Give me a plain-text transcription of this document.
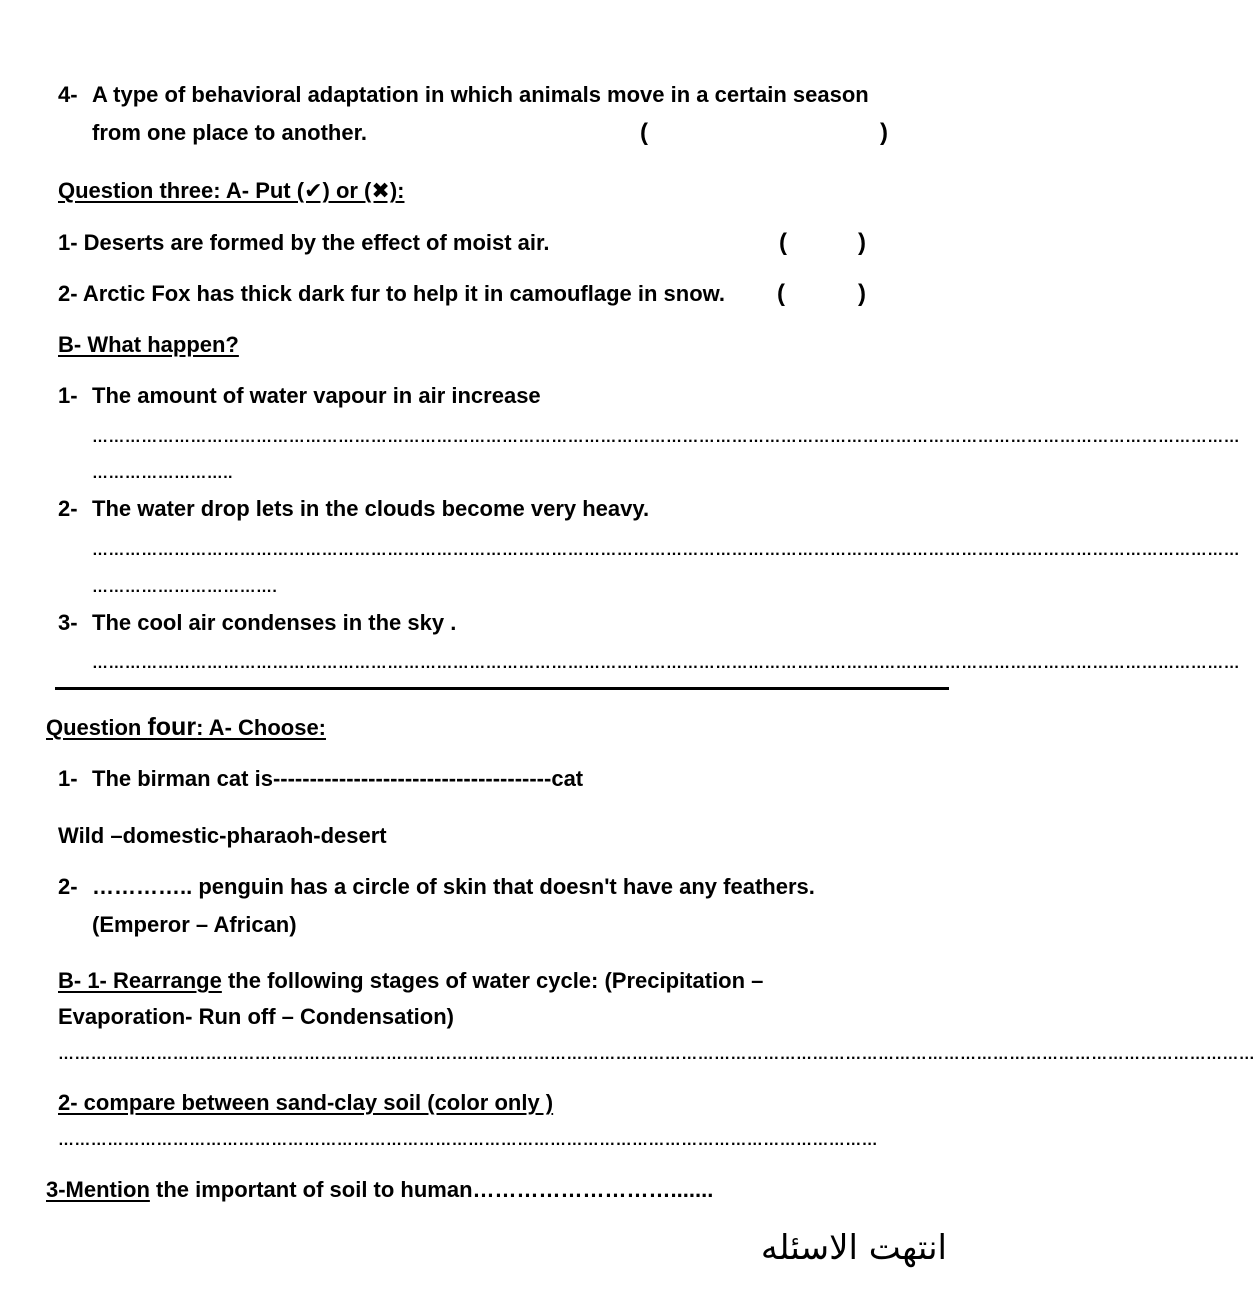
4- A type of behavioral adaptation in which animals move in a certain season
from one place to another.	(	)
Question three: A- Put (✔) or (✖):
1- Deserts are formed by the effect of moist air.	(	)
2- Arctic Fox has thick dark fur to help it in camouflage in snow. (	)
B- What happen?
1- The amount of water vapour in air increase
…………………………………………………………………………………………………………………………………………………………………………………………
……………………..
2- The water drop lets in the clouds become very heavy.
…………………………………………………………………………………………………………………………………………………………………………………………
…………………………….
3- The cool air condenses in the sky .
…………………………………………………………………………………………………………………………………………………………………………………………
Question four: A- Choose:
1- The birman cat is--------------------------------------cat
Wild –domestic-pharaoh-desert
2- ………….. penguin has a circle of skin that doesn't have any feathers.
(Emperor – African)
B- 1- Rearrange the following stages of water cycle: (Precipitation –
Evaporation- Run off – Condensation)
…………………………………………………………………………………………………………………………………………………………………………………………………
2- compare between sand-clay soil (color only )
……………………………………………………………………………………………………………………………………
3-Mention the important of soil to human……………………….......
انتهت الاسئله
